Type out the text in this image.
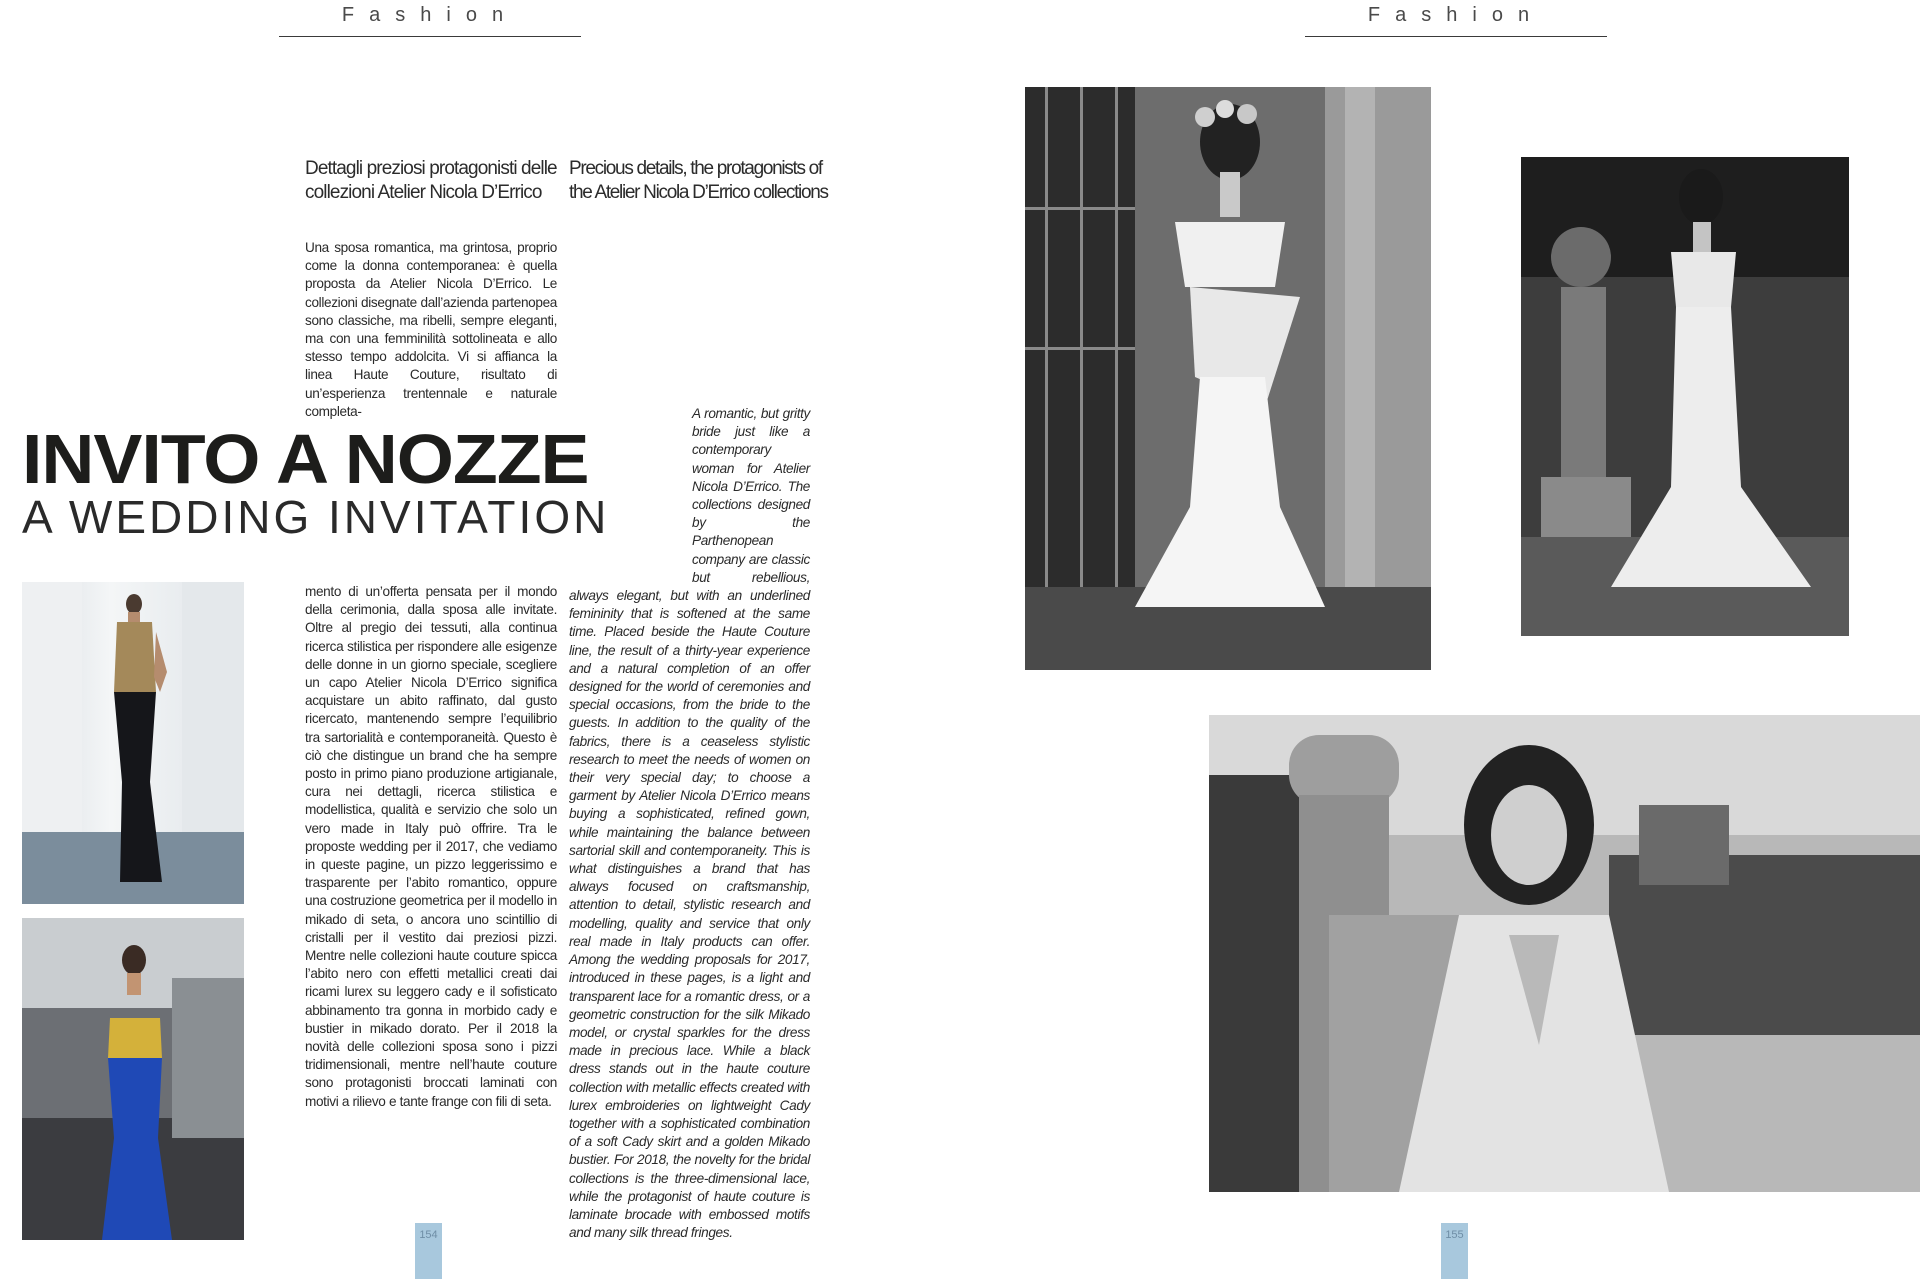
Fashion	Fashion
Dettagli preziosi protagonisti delle collezioni Atelier Nicola D’Errico
Precious details, the protagonists of the Atelier Nicola D’Errico collections
Una sposa romantica, ma grintosa, proprio come la donna contemporanea: è quella proposta da Atelier Nicola D’Errico. Le collezioni disegnate dall’azienda partenopea sono classiche, ma ribelli, sempre eleganti, ma con una femminilità sottolineata e allo stesso tempo addolcita. Vi si affianca la linea Haute Couture, risultato di un’esperienza trentennale e naturale completa-
mento di un’offerta pensata per il mondo della cerimonia, dalla sposa alle invitate. Oltre al pregio dei tessuti, alla continua ricerca stilistica per rispondere alle esigenze delle donne in un giorno speciale, scegliere un capo Atelier Nicola D’Errico significa acquistare un abito raffinato, dal gusto ricercato, mantenendo sempre l’equilibrio tra sartorialità e contemporaneità. Questo è ciò che distingue un brand che ha sempre posto in primo piano produzione artigianale, cura nei dettagli, ricerca stilistica e modellistica, qualità e servizio che solo un vero made in Italy può offrire. Tra le proposte wedding per il 2017, che vediamo in queste pagine, un pizzo leggerissimo e trasparente per l’abito romantico, oppure una costruzione geometrica per il modello in mikado di seta, o ancora uno scintillio di cristalli per il vestito dai preziosi pizzi. Mentre nelle collezioni haute couture spicca l’abito nero con effetti metallici creati dai ricami lurex su leggero cady e il sofisticato abbinamento tra gonna in morbido cady e bustier in mikado dorato. Per il 2018 la novità delle collezioni sposa sono i pizzi tridimensionali, mentre nell’haute couture sono protagonisti broccati laminati con motivi a rilievo e tante frange con fili di seta.
A romantic, but gritty bride just like a contemporary woman for Atelier Nicola D’Errico. The collections designed by the Parthenopean company are classic but rebellious, always elegant, but with an underlined femininity that is softened at the same time. Placed beside the Haute Couture line, the result of a thirty-year experience and a natural completion of an offer designed for the world of ceremonies and special occasions, from the bride to the guests. In addition to the quality of the fabrics, there is a ceaseless stylistic research to meet the needs of women on their very special day; to choose a garment by Atelier Nicola D’Errico means buying a sophisticated, refined gown, while maintaining the balance between sartorial skill and contemporaneity. This is what distinguishes a brand that has always focused on craftsmanship, attention to detail, stylistic research and modelling, quality and service that only real made in Italy products can offer. Among the wedding proposals for 2017, introduced in these pages, is a light and transparent lace for a romantic dress, or a geometric construction for the silk Mikado model, or crystal sparkles for the dress made in precious lace. While a black dress stands out in the haute couture collection with metallic effects created with lurex embroideries on lightweight Cady together with a sophisticated combination of a soft Cady skirt and a golden Mikado bustier. For 2018, the novelty for the bridal collections is the three-dimensional lace, while the protagonist of haute couture is laminate brocade with embossed motifs and many silk thread fringes.
INVITO A NOZZE
A WEDDING INVITATION
154	155
